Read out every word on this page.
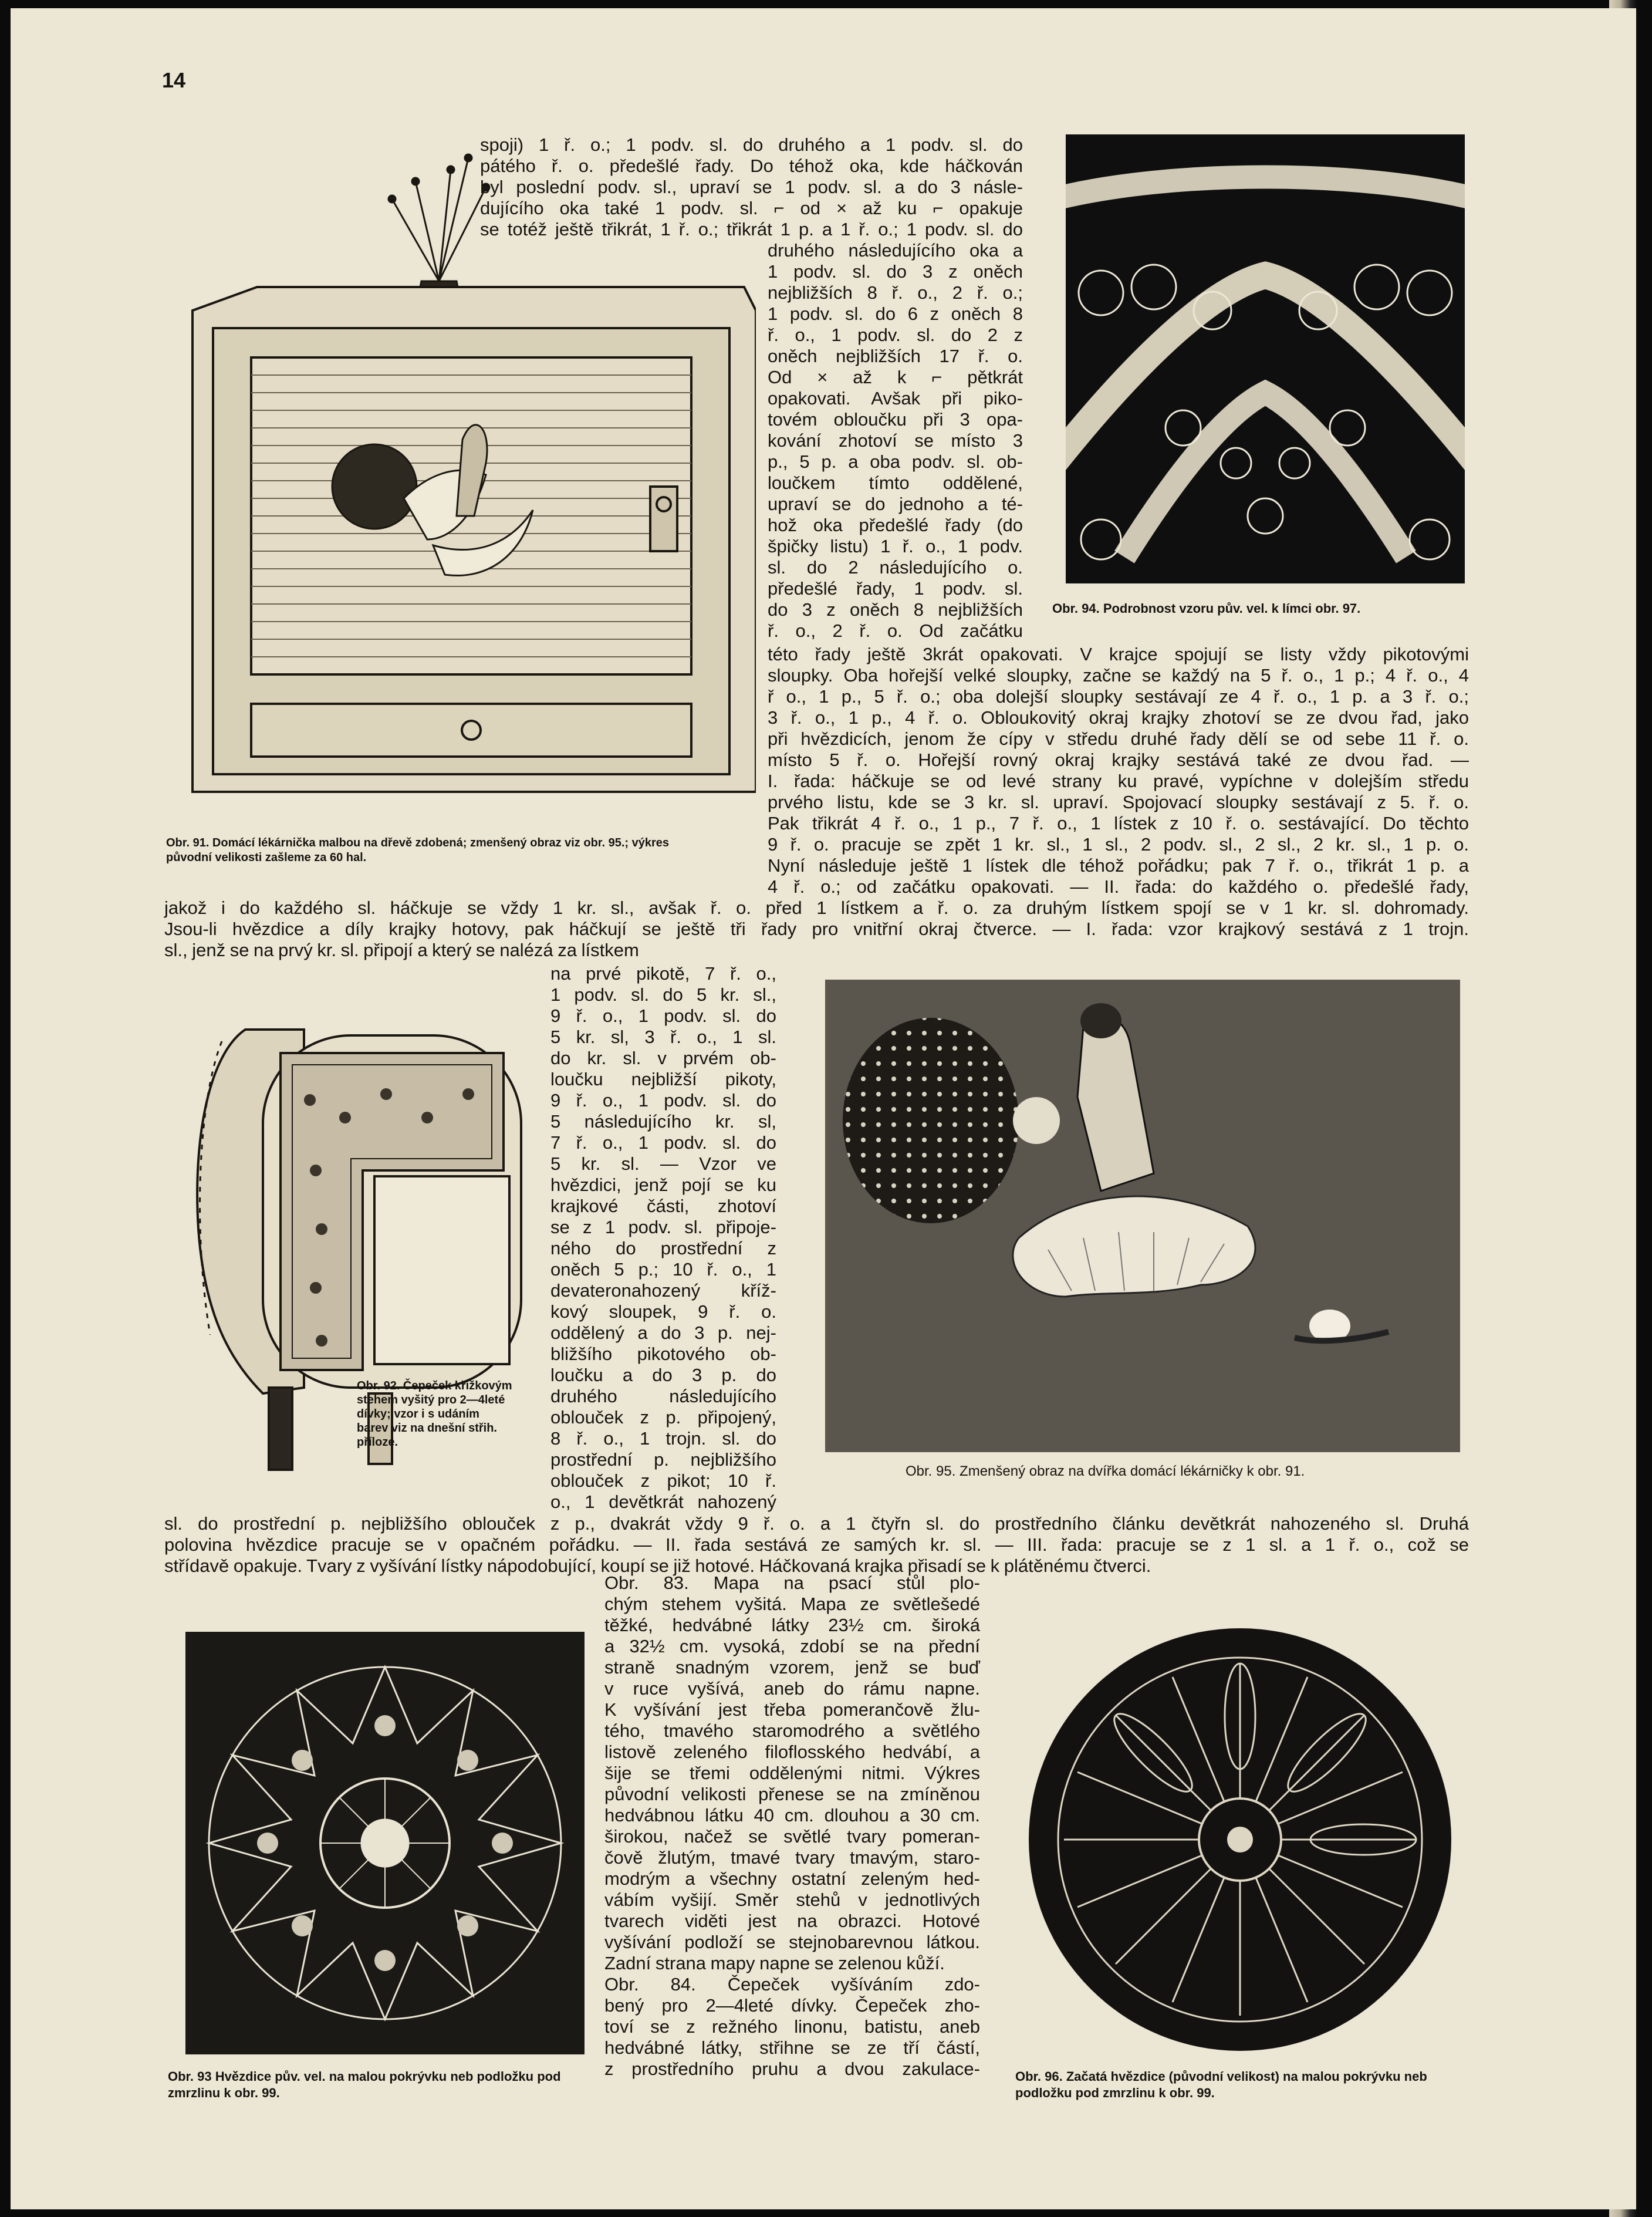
14
Obr. 91. Domácí lékárnička malbou na dřevě zdobená; zmenšený obraz viz obr. 95.; výkres původní velikosti zašleme za 60 hal.
Obr. 94. Podrobnost vzoru pův. vel. k límci obr. 97.

spoji) 1 ř. o.; 1 podv. sl. do druhého a 1 podv. sl. do

pátého ř. o. předešlé řady. Do téhož oka, kde háčkován

byl poslední podv. sl., upraví se 1 podv. sl. a do 3 násle-

dujícího oka také 1 podv. sl. ⌐ od × až ku ⌐ opakuje

se totéž ještě třikrát, 1 ř. o.; třikrát 1 p. a 1 ř. o.; 1 podv. sl. do

druhého následujícího oka a

1 podv. sl. do 3 z oněch

nejbližších 8 ř. o., 2 ř. o.;

1 podv. sl. do 6 z oněch 8

ř. o., 1 podv. sl. do 2 z

oněch nejbližších 17 ř. o.

Od × až k ⌐ pětkrát

opakovati. Avšak při piko-

tovém obloučku při 3 opa-

kování zhotoví se místo 3

p., 5 p. a oba podv. sl. ob-

loučkem tímto oddělené,

upraví se do jednoho a té-

hož oka předešlé řady (do

špičky listu) 1 ř. o., 1 podv.

sl. do 2 následujícího o.

předešlé řady, 1 podv. sl.

do 3 z oněch 8 nejbližších

ř. o., 2 ř. o. Od začátku

této řady ještě 3krát opakovati. V krajce spojují se listy vždy pikotovými

sloupky. Oba hořejší velké sloupky, začne se každý na 5 ř. o., 1 p.; 4 ř. o., 4

ř o., 1 p., 5 ř. o.; oba dolejší sloupky sestávají ze 4 ř. o., 1 p. a 3 ř. o.;

3 ř. o., 1 p., 4 ř. o. Obloukovitý okraj krajky zhotoví se ze dvou řad, jako

při hvězdicích, jenom že cípy v středu druhé řady dělí se od sebe 11 ř. o.

místo 5 ř. o. Hořejší rovný okraj krajky sestává také ze dvou řad. —

I. řada: háčkuje se od levé strany ku pravé, vypíchne v dolejším středu

prvého listu, kde se 3 kr. sl. upraví. Spojovací sloupky sestávají z 5. ř. o.

Pak třikrát 4 ř. o., 1 p., 7 ř. o., 1 lístek z 10 ř. o. sestávající. Do těchto

9 ř. o. pracuje se zpět 1 kr. sl., 1 sl., 2 podv. sl., 2 sl., 2 kr. sl., 1 p. o.

Nyní následuje ještě 1 lístek dle téhož pořádku; pak 7 ř. o., třikrát 1 p. a

4 ř. o.; od začátku opakovati. — II. řada: do každého o. předešlé řady,

jakož i do každého sl. háčkuje se vždy 1 kr. sl., avšak ř. o. před 1 lístkem a ř. o. za druhým lístkem spojí se v 1 kr. sl. dohromady.

Jsou-li hvězdice a díly krajky hotovy, pak háčkují se ještě tři řady pro vnitřní okraj čtverce. — I. řada: vzor krajkový sestává z 1 trojn.

sl., jenž se na prvý kr. sl. připojí a který se nalézá za lístkem

Obr. 92. Čepeček křížkovým stehem vyšitý pro 2—4leté dívky; vzor i s udáním barev viz na dnešní střih. příloze.

na prvé pikotě, 7 ř. o.,

1 podv. sl. do 5 kr. sl.,

9 ř. o., 1 podv. sl. do

5 kr. sl, 3 ř. o., 1 sl.

do kr. sl. v prvém ob-

loučku nejbližší pikoty,

9 ř. o., 1 podv. sl. do

5 následujícího kr. sl,

7 ř. o., 1 podv. sl. do

5 kr. sl. — Vzor ve

hvězdici, jenž pojí se ku

krajkové části, zhotoví

se z 1 podv. sl. připoje-

ného do prostřední z

oněch 5 p.; 10 ř. o., 1

devateronahozený kříž-

kový sloupek, 9 ř. o.

oddělený a do 3 p. nej-

bližšího pikotového ob-

loučku a do 3 p. do

druhého následujícího

oblouček z p. připojený,

8 ř. o., 1 trojn. sl. do

prostřední p. nejbližšího

oblouček z pikot; 10 ř.

o., 1 devětkrát nahozený

Obr. 95. Zmenšený obraz na dvířka domácí lékárničky k obr. 91.

sl. do prostřední p. nejbližšího oblouček z p., dvakrát vždy 9 ř. o. a 1 čtyřn sl. do prostředního článku devětkrát nahozeného sl. Druhá

polovina hvězdice pracuje se v opačném pořádku. — II. řada sestává ze samých kr. sl. — III. řada: pracuje se z 1 sl. a 1 ř. o., což se

střídavě opakuje. Tvary z vyšívání lístky nápodobující, koupí se již hotové. Háčkovaná krajka přisadí se k plátěnému čtverci.

Obr. 93 Hvězdice pův. vel. na malou pokrývku neb podložku pod zmrzlinu k obr. 99.

Obr. 83. Mapa na psací stůl plo-

chým stehem vyšitá. Mapa ze světlešedé

těžké, hedvábné látky 23½ cm. široká

a 32½ cm. vysoká, zdobí se na přední

straně snadným vzorem, jenž se buď

v ruce vyšívá, aneb do rámu napne.

K vyšívání jest třeba pomerančově žlu-

tého, tmavého staromodrého a světlého

listově zeleného filoflosského hedvábí, a

šije se třemi oddělenými nitmi. Výkres

původní velikosti přenese se na zmíněnou

hedvábnou látku 40 cm. dlouhou a 30 cm.

širokou, načež se světlé tvary pomeran-

čově žlutým, tmavé tvary tmavým, staro-

modrým a všechny ostatní zeleným hed-

vábím vyšijí. Směr stehů v jednotlivých

tvarech viděti jest na obrazci. Hotové

vyšívání podloží se stejnobarevnou látkou.

Zadní strana mapy napne se zelenou kůží.

Obr. 84. Čepeček vyšíváním zdo-

bený pro 2—4leté dívky. Čepeček zho-

toví se z režného linonu, batistu, aneb

hedvábné látky, střihne se ze tří částí,

z prostředního pruhu a dvou zakulace-	Obr. 96. Začatá hvězdice (původní velikost) na malou pokrývku neb podložku pod zmrzlinu k obr. 99.
